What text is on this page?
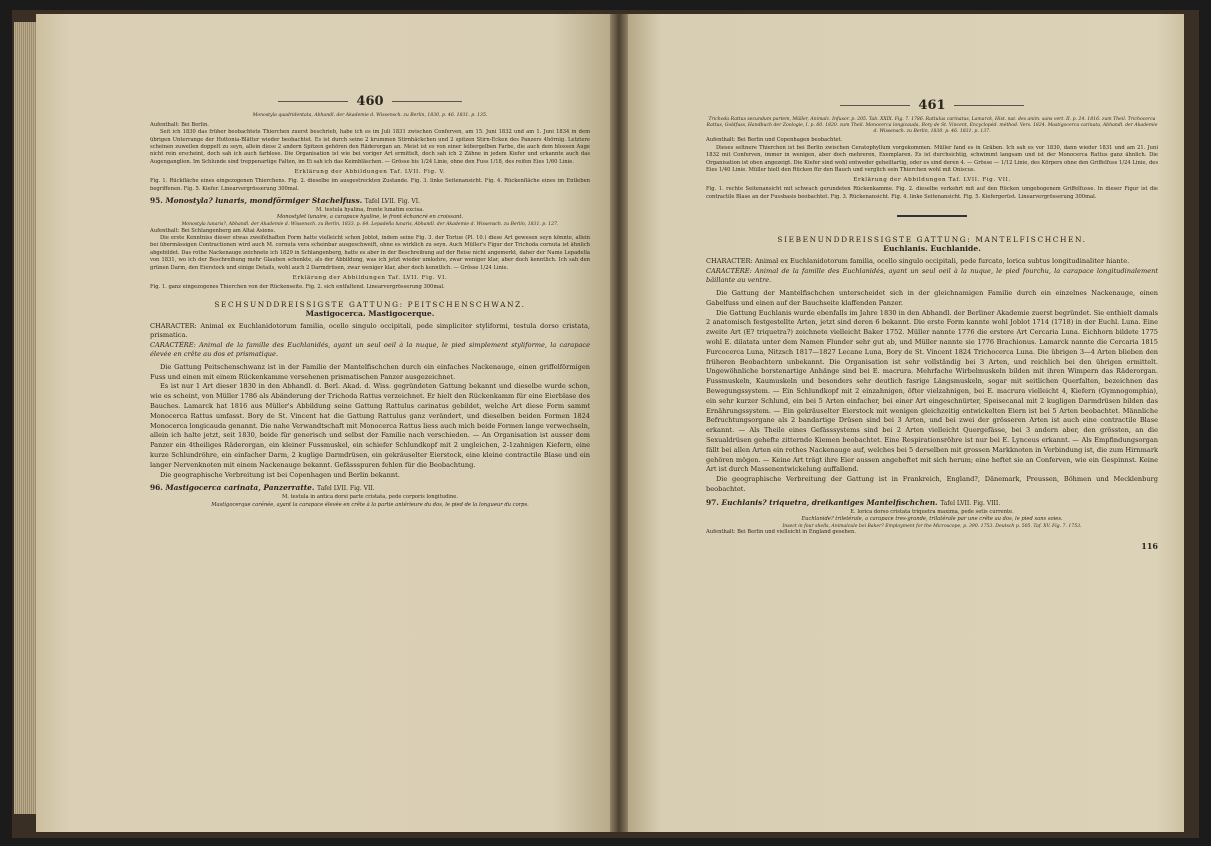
460
Monostyla quadridentata, Abhandl. der Akademie d. Wissensch. zu Berlin, 1830, p. 46. 1831. p. 135.
Aufenthalt: Bei Berlin.
Seit ich 1830 das früher beobachtete Thierchen zuerst beschrieb, habe ich es im Juli 1831 zwischen Conferven, am 15. Juni 1832 und am 1. Juni 1834 in dem übrigen Unterrange der Hottonia-Blätter wieder beobachtet. Es ist durch seine 2 krummen Stirnhäckchen und 2 spitzen Stirn-Ecken des Panzers 4hörnig. Letztere scheinen zuweilen doppelt zu seyn, allein diese 2 andern Spitzen gehören den Räderorgan an. Meist ist es von einer leibergelben Farbe, die auch dem blossen Auge nicht rein erscheint, doch sah ich auch farblose. Die Organisation ist wie bei voriger Art ermittelt, doch sah ich 2 Zähne in jedem Kiefer und erkannte auch das Augenganglion. Im Schlunde sind treppenartige Falten, im Ei sah ich das Keimbläschen. — Grösse bis 1/24 Linie, ohne den Fuss 1/18, des reifen Eies 1/60 Linie.
Erklärung der Abbildungen Taf. LVII. Fig. V.
Fig. 1. Rückfläche eines eingezogenen Thierchens. Fig. 2. dieselbe im ausgestreckten Zustande. Fig. 3. linke Seitenansicht. Fig. 4. Rückenfläche eines im Entleben begriffenen. Fig. 5. Kiefer. Linearvergrösserung 300mal.
95. Monostyla? lunaris, mondförmiger Stachelfuss. Tafel LVII. Fig. VI.
M. testula hyalina, fronte lunatim excisa.
Monostylet lunaire, a carapace hyaline, le front échancré en croissant.
Monostyla lunaris?, Abhandl. der Akademie d. Wissensch. zu Berlin, 1833. p. 64. Lepadella lunaris, Abhandl. der Akademie d. Wissensch. zu Berlin, 1831. p. 127.
Aufenthalt: Bei Schlangenberg am Altai Asiens.
Die erste Kenntniss dieser etwas zweifelhaften Form hatte vielleicht schon Joblot, indem seine Fig. 3. der Tortue (Pl. 10.) diese Art gewesen seyn könnte, allein bei übermässigen Contractionen wird auch M. cornuta vera scheinbar ausgeschweift, ohne es wirklich zu seyn. Auch Müller's Figur der Trichoda cornuta ist ähnlich abgebildet. Das rothe Nackenauge zeichnete ich 1829 in Schlangenberg, hatte es aber in der Beschreibung auf der Reise nicht angemerkt, daher der Name Lepadella von 1831, wo ich der Beschreibung mehr Glauben schenkte, als der Abbildung, was ich jetzt wieder umkehre, zwar weniger klar, aber doch kenntlich. Ich sah den grünen Darm, den Eierstock und einige Details, wohl auch 2 Darmdrüsen, zwar weniger klar, aber doch kenntlich. — Grösse 1/24 Linie.
Erklärung der Abbildungen Taf. LVII. Fig. VI.
Fig. 1. ganz eingezogenes Thierchen von der Rückenseite. Fig. 2. sich entfaltend. Linearvergrösserung 300mal.
SECHSUNDDREISSIGSTE GATTUNG: PEITSCHENSCHWANZ.
Mastigocerca. Mastigocerque.
CHARACTER: Animal ex Euchlanidotorum familia, ocello singulo occipitali, pede simpliciter styliformi, testula dorso cristata, prismatica.
CARACTÈRE: Animal de la famille des Euchlanidés, ayant un seul oeil à la nuque, le pied simplement styliforme, la carapace élevée en crête au dos et prismatique.
Die Gattung Peitschenschwanz ist in der Familie der Mantelfischchen durch ein einfaches Nackenauge, einen griffelförmigen Fuss und einen mit einem Rückenkamme versehenen prismatischen Panzer ausgezeichnet.
Es ist nur 1 Art dieser 1830 in den Abhandl. d. Berl. Akad. d. Wiss. gegründeten Gattung bekannt und dieselbe wurde schon, wie es scheint, von Müller 1786 als Abänderung der Trichoda Rattus verzeichnet. Er hielt den Rückenkamm für eine Eierblase des Bauches. Lamarck hat 1816 aus Müller's Abbildung seine Gattung Rattulus carinatus gebildet, welche Art diese Form sammt Monocerca Rattus umfasst. Bory de St. Vincent hat die Gattung Rattulus ganz verändert, und dieselben beiden Formen 1824 Monocerca longicauda genannt. Die nahe Verwandtschaft mit Monocerca Rattus liess auch mich beide Formen lange verwechseln, allein ich halte jetzt, seit 1830, beide für generisch und selbst der Familie nach verschieden. — An Organisation ist ausser dem Panzer ein 4theiliges Räderorgan, ein kleiner Fussmuskel, ein schiefer Schlundkopf mit 2 ungleichen, 2-1zahnigen Kiefern, eine kurze Schlundröhre, ein einfacher Darm, 2 kuglige Darmdrüsen, ein gekräuselter Eierstock, eine kleine contractile Blase und ein langer Nervenknoten mit einem Nackenauge bekannt. Gefässspuren fehlen für die Beobachtung.
Die geographische Verbreitung ist bei Copenhagen und Berlin bekannt.
96. Mastigocerca carinata, Panzerratte. Tafel LVII. Fig. VII.
M. testula in antica dorsi parte cristata, pede corporis longitudine.
Mastigocerque carénée, ayant la carapace élevée en crête à la partie antérieure du dos, le pied de la longueur du corps.
461
Trichoda Rattus secundum partem, Müller, Animalc. Infusor. p. 205. Tab. XXIX. Fig. 7. 1786. Rattulus carinatus, Lamarck, Hist. nat. des anim. sans vert. II. p. 24. 1816. zum Theil. Trichocerca Rattus, Goldfuss, Handbuch der Zoologie, I. p. 60. 1820. zum Theil. Monocerca longicauda, Bory de St. Vincent, Encyclopéd. méthod. Vers. 1824. Mastigocerca carinata, Abhandl. der Akademie d. Wissensch. zu Berlin, 1830. p. 46. 1831. p. 137.
Aufenthalt: Bei Berlin und Copenhagen beobachtet.
Dieses seltnere Thierchen ist bei Berlin zwischen Ceratophyllum vorgekommen. Müller fand es in Gräben. Ich sah es vor 1830, dann wieder 1831 und am 21. Juni 1832 mit Conferven, immer in wenigen, aber doch mehreren, Exemplaren. Es ist durchsichtig, schwimmt langsam und ist der Monocerca Rattus ganz ähnlich. Die Organisation ist oben angezeigt. Die Kiefer sind wohl entweder geheiltartig, oder es sind deren 4. — Grösse — 1/12 Linie, des Körpers ohne den Griffelfuss 1/24 Linie, des Eies 1/40 Linie. Müller hielt den Rücken für den Bauch und verglich sein Thierchen wohl mit Oniscus.
Erklärung der Abbildungen Taf. LVII. Fig. VII.
Fig. 1. rechte Seitenansicht mit schwach gerundeten Rückenkamme. Fig. 2. dieselbe verkehrt mit auf den Rücken umgebogenem Griffelfusse. In dieser Figur ist die contractile Blase an der Fussbasis beobachtet. Fig. 3. Rückenansicht. Fig. 4. linke Seitenansicht. Fig. 5. Kiefergerüst. Linearvergrösserung 300mal.
SIEBENUNDDREISSIGSTE GATTUNG: MANTELFISCHCHEN.
Euchlanis. Euchlanide.
CHARACTER: Animal ex Euchlanidotorum familia, ocello singulo occipitali, pede furcato, lorica subtus longitudinaliter hiante.
CARACTÈRE: Animal de la famille des Euchlanidés, ayant un seul oeil à la nuque, le pied fourchu, la carapace longitudinalement bâillante au ventre.
Die Gattung der Mantelfischchen unterscheidet sich in der gleichnamigen Familie durch ein einzelnes Nackenauge, einen Gabelfuss und einen auf der Bauchseite klaffenden Panzer.
Die Gattung Euchlanis wurde ebenfalls im Jahre 1830 in den Abhandl. der Berliner Akademie zuerst begründet. Sie enthielt damals 2 anatomisch festgestellte Arten, jetzt sind deren 6 bekannt. Die erste Form kannte wohl Joblot 1714 (1718) in der Euchl. Luna. Eine zweite Art (E? triquetra?) zeichnete vielleicht Baker 1752. Müller nannte 1776 die erstere Art Cercaria Luna. Eichhorn bildete 1775 wohl E. dilatata unter dem Namen Flunder sehr gut ab, und Müller nannte sie 1776 Brachionus. Lamarck nannte die Cercaria 1815 Furcocerca Luna, Nitzsch 1817—1827 Lecane Luna, Bory de St. Vincent 1824 Trichocerca Luna. Die übrigen 3—4 Arten blieben den früheren Beobachtern unbekannt. Die Organisation ist sehr vollständig bei 3 Arten, und reichlich bei den übrigen ermittelt. Ungewöhnliche borstenartige Anhänge sind bei E. macrura. Mehrfache Wirbelmuskeln bilden mit ihren Wimpern das Räderorgan. Fussmuskeln, Kaumuskeln und besonders sehr deutlich fasrige Längsmuskeln, sogar mit seitlichen Querfalten, bezeichnen das Bewegungssystem. — Ein Schlundkopf mit 2 einzahnigen, öfter vielzahnigen, bei E. macrura vielleicht 4, Kiefern (Gymnogomphia), ein sehr kurzer Schlund, ein bei 5 Arten einfacher, bei einer Art eingeschnürter, Speisecanal mit 2 kugligen Darmdrüsen bilden das Ernährungssystem. — Ein gekräuselter Eierstock mit wenigen gleichzeitig entwickelten Eiern ist bei 5 Arten beobachtet. Männliche Befruchtungsorgane als 2 bandartige Drüsen sind bei 3 Arten, und bei zwei der grösseren Arten ist auch eine contractile Blase erkannt. — Als Theile eines Gefässsystems sind bei 2 Arten vielleicht Quergefässe, bei 3 andern aber, den grössten, an die Sexualdrüsen gehefte zitternde Kiemen beobachtet. Eine Respirationsröhre ist nur bei E. Lynceus erkannt. — Als Empfindungsorgan fällt bei allen Arten ein rothes Nackenauge auf, welches bei 5 derselben mit grossen Markknoten in Verbindung ist, die zum Hirnmark gehören mögen. — Keine Art trägt ihre Eier aussen angeheftet mit sich herum; eine heftet sie an Conferven, wie ein Gespinnst. Keine Art ist durch Massenentwickelung auffallend.
Die geographische Verbreitung der Gattung ist in Frankreich, England?, Dänemark, Preussen, Böhmen und Mecklenburg beobachtet.
97. Euchlanis? triquetra, dreikantiges Mantelfischchen. Tafel LVII. Fig. VIII.
E. lorica dorso cristata triquetra maxima, pede setis currente.
Euchlanide? triletérale, a carapace tres-grande, trilatérale par une crête au dos, le pied sans soies.
Insect in four shells, Animalcule bei Baker? Employment for the Microscope, p. 390. 1753. Deutsch p. 505. Taf. XV. Fig. 7. 1753.
Aufenthalt: Bei Berlin und vielleicht in England gesehen.
116
